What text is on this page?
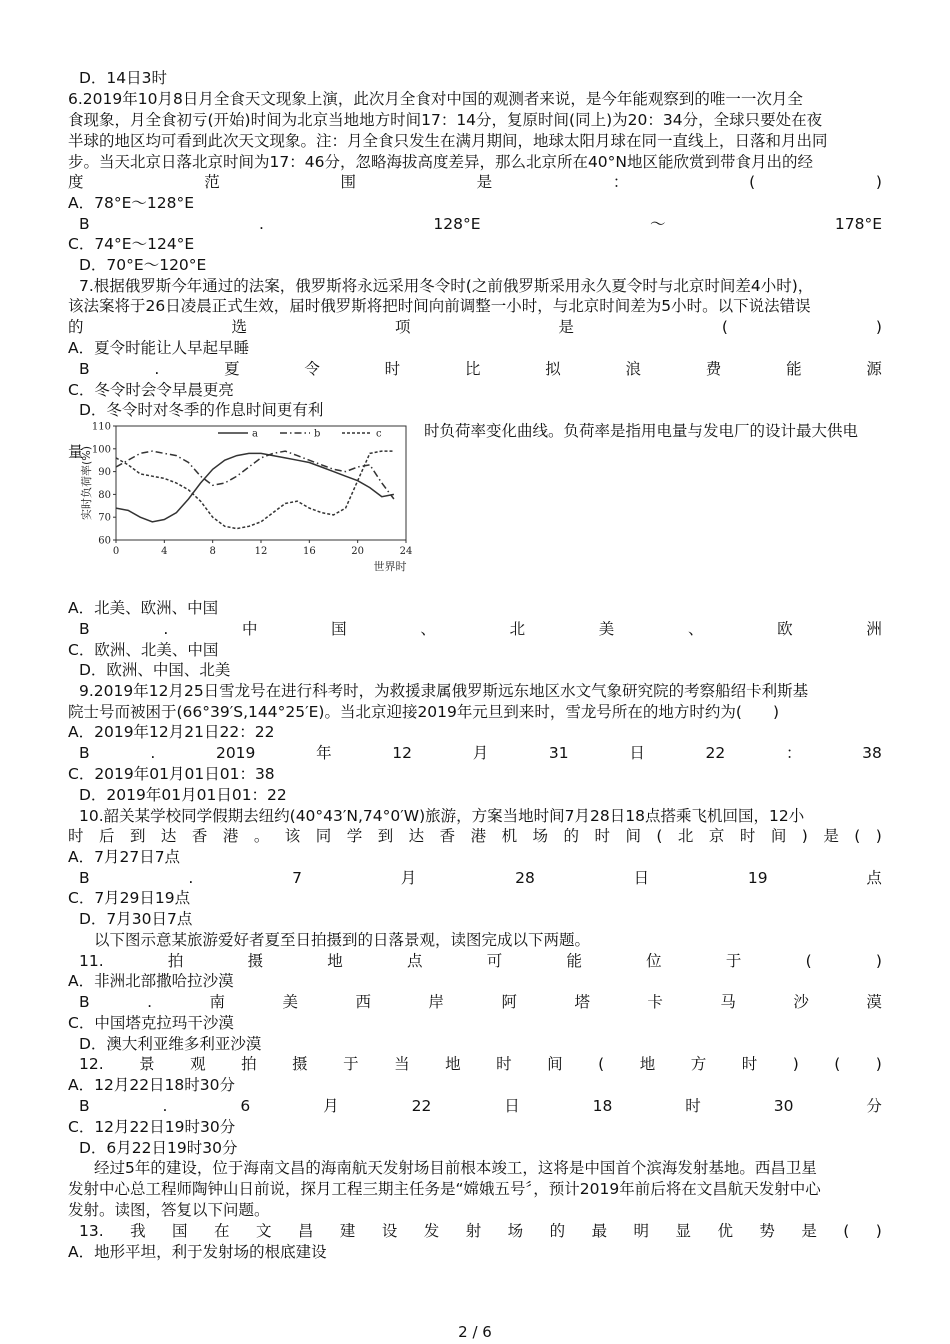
D．14日3时
6.2019年10月8日月全食天文现象上演，此次月全食对中国的观测者来说，是今年能观察到的唯一一次月全
食现象，月全食初亏(开始)时间为北京当地地方时间17：14分，复原时间(同上)为20：34分，全球只要处在夜
半球的地区均可看到此次天文现象。注：月全食只发生在满月期间，地球太阳月球在同一直线上，日落和月出同
步。当天北京日落北京时间为17：46分，忽略海拔高度差异，那么北京所在40°N地区能欣赏到带食月出的经
度	范	围	是	：	(	)
A．78°E～128°E
B	.	128°E	～	178°E
C．74°E～124°E
D．70°E～120°E
7.根据俄罗斯今年通过的法案，俄罗斯将永远采用冬令时(之前俄罗斯采用永久夏令时与北京时间差4小时)，
该法案将于26日凌晨正式生效，届时俄罗斯将把时间向前调整一小时，与北京时间差为5小时。以下说法错误
的	选	项	是	(	)
A．夏令时能让人早起早睡
B	.	夏	令	时	比	拟	浪	费	能	源
C．冬令时会令早晨更亮
D．冬令时对冬季的作息时间更有利
时负荷率变化曲线。负荷率是指用电量与发电厂的设计最大供电
量
60
70
80
90
100
110
0	4	8	12	16	20	24
实时负荷率(%)
世界时
a	b	c
A．北美、欧洲、中国
B	.	中	国	、	北	美	、	欧	洲
C．欧洲、北美、中国
D．欧洲、中国、北美
9.2019年12月25日雪龙号在进行科考时，为救援隶属俄罗斯远东地区水文气象研究院的考察船绍卡利斯基
院士号而被困于(66°39′S,144°25′E)。当北京迎接2019年元旦到来时，雪龙号所在的地方时约为(　　)
A．2019年12月21日22：22
B	.	2019	年	12	月	31	日	22	：	38
C．2019年01月01日01：38
D．2019年01月01日01：22
10.韶关某学校同学假期去纽约(40°43′N,74°0′W)旅游，方案当地时间7月28日18点搭乘飞机回国，12小
时 后 到 达 香 港 。 该 同 学 到 达 香 港 机 场 的 时 间 ( 北 京 时 间 ) 是 ( )
A．7月27日7点
B	.	7	月	28	日	19	点
C．7月29日19点
D．7月30日7点
以下图示意某旅游爱好者夏至日拍摄到的日落景观，读图完成以下两题。
11.	拍	摄	地	点	可	能	位	于	(	)
A．非洲北部撒哈拉沙漠
B	.	南	美	西	岸	阿	塔	卡	马	沙	漠
C．中国塔克拉玛干沙漠
D．澳大利亚维多利亚沙漠
12. 景 观 拍 摄 于 当 地 时 间 ( 地 方 时 ) ( )
A．12月22日18时30分
B	.	6	月	22	日	18	时	30	分
C．12月22日19时30分
D．6月22日19时30分
经过5年的建设，位于海南文昌的海南航天发射场目前根本竣工，这将是中国首个滨海发射基地。西昌卫星
发射中心总工程师陶钟山日前说，探月工程三期主任务是“嫦娥五号〞，预计2019年前后将在文昌航天发射中心
发射。读图，答复以下问题。
13. 我 国 在 文 昌 建 设 发 射 场 的 最 明 显 优 势 是 ( )
A．地形平坦，利于发射场的根底建设
2 / 6
